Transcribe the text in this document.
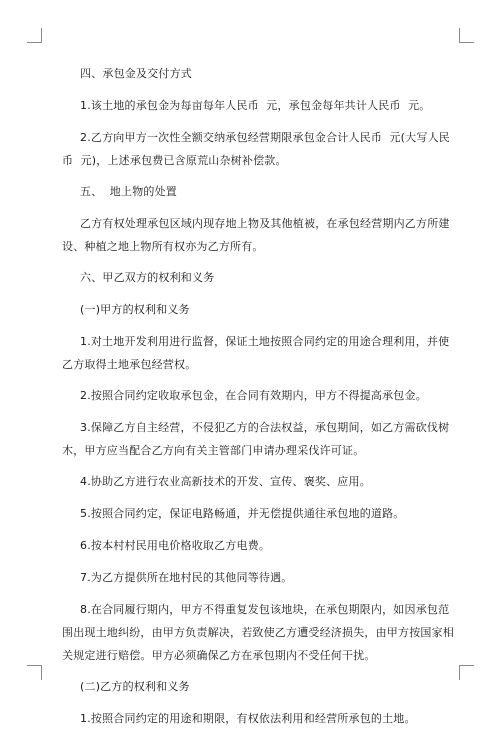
四、承包金及交付方式

1.该土地的承包金为每亩每年人民币  元，承包金每年共计人民币  元。

2.乙方向甲方一次性全额交纳承包经营期限承包金合计人民币  元(大写人民币  元)，上述承包费已含原荒山杂树补偿款。

五、  地上物的处置

乙方有权处理承包区域内现存地上物及其他植被，在承包经营期内乙方所建设、种植之地上物所有权亦为乙方所有。

六、甲乙双方的权利和义务

(一)甲方的权利和义务

1.对土地开发利用进行监督，保证土地按照合同约定的用途合理利用，并使乙方取得土地承包经营权。

2.按照合同约定收取承包金，在合同有效期内，甲方不得提高承包金。

3.保障乙方自主经营，不侵犯乙方的合法权益，承包期间，如乙方需砍伐树木，甲方应当配合乙方向有关主管部门申请办理采伐许可证。

4.协助乙方进行农业高新技术的开发、宣传、褒奖、应用。

5.按照合同约定，保证电路畅通，并无偿提供通往承包地的道路。

6.按本村村民用电价格收取乙方电费。

7.为乙方提供所在地村民的其他同等待遇。

8.在合同履行期内，甲方不得重复发包该地块，在承包期限内，如因承包范围出现土地纠纷，由甲方负责解决，若致使乙方遭受经济损失，由甲方按国家相关规定进行赔偿。甲方必须确保乙方在承包期内不受任何干扰。

(二)乙方的权利和义务

1.按照合同约定的用途和期限，有权依法利用和经营所承包的土地。
